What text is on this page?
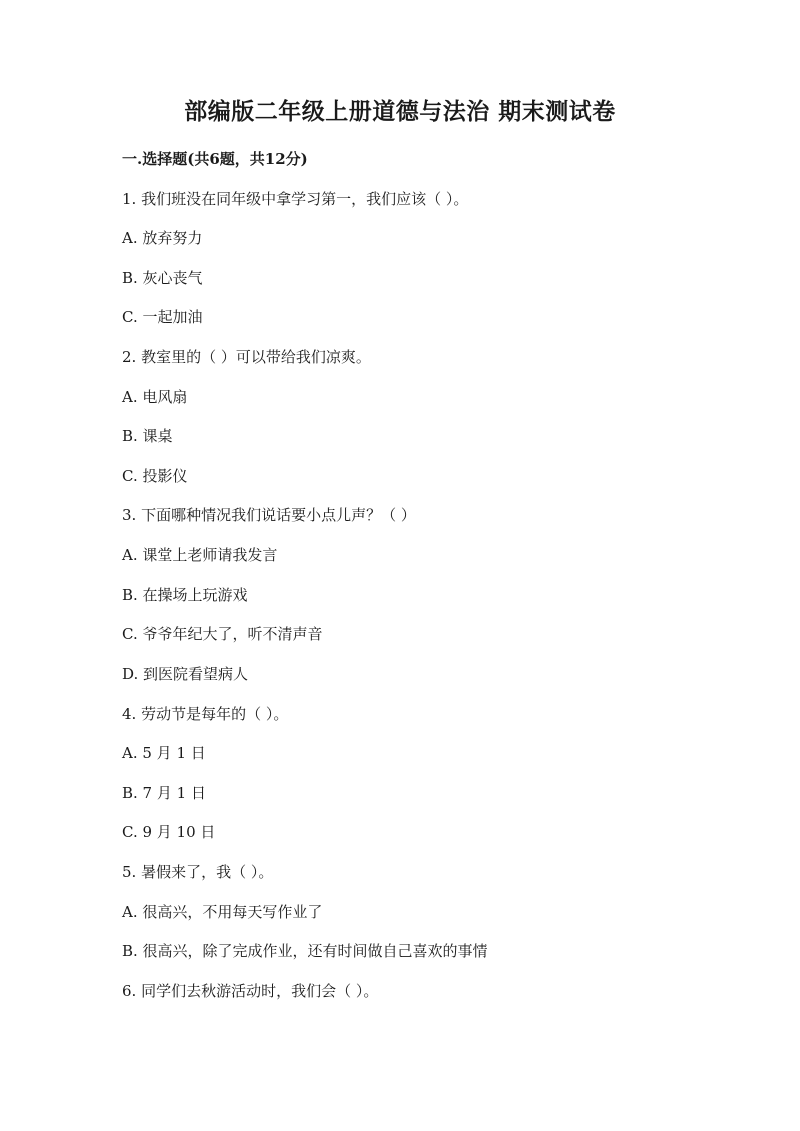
部编版二年级上册道德与法治 期末测试卷
一.选择题(共6题，共12分)
1. 我们班没在同年级中拿学习第一，我们应该（ ）。
A. 放弃努力
B. 灰心丧气
C. 一起加油
2. 教室里的（ ）可以带给我们凉爽。
A. 电风扇
B. 课桌
C. 投影仪
3. 下面哪种情况我们说话要小点儿声？（ ）
A. 课堂上老师请我发言
B. 在操场上玩游戏
C. 爷爷年纪大了，听不清声音
D. 到医院看望病人
4. 劳动节是每年的（ ）。
A. 5 月 1 日
B. 7 月 1 日
C. 9 月 10 日
5. 暑假来了，我（ ）。
A. 很高兴，不用每天写作业了
B. 很高兴，除了完成作业，还有时间做自己喜欢的事情
6. 同学们去秋游活动时，我们会（ ）。
